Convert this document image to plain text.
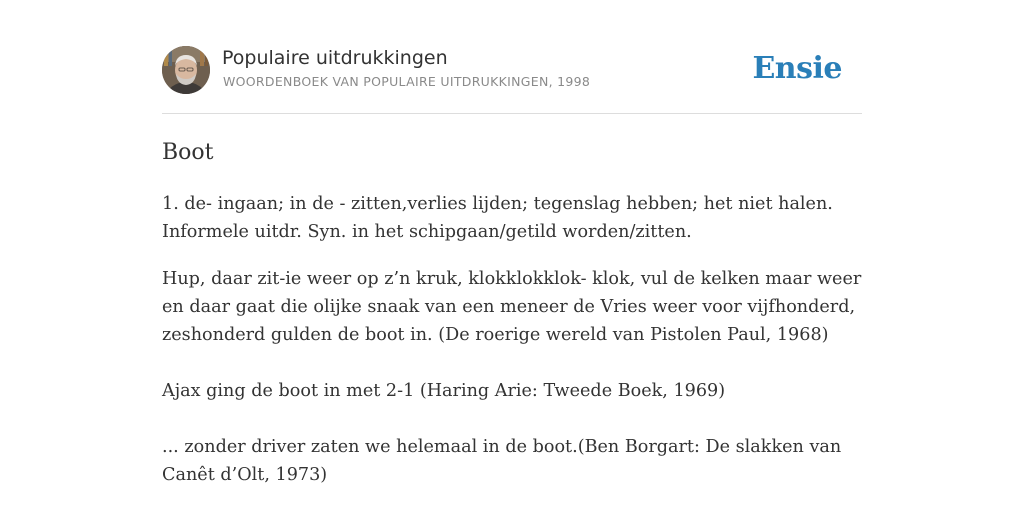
Populaire uitdrukkingen
WOORDENBOEK VAN POPULAIRE UITDRUKKINGEN, 1998	Ensie
Boot
1. de- ingaan; in de - zitten,verlies lijden; tegenslag hebben; het niet halen. Informele uitdr. Syn. in het schipgaan/getild worden/zitten.
Hup, daar zit-ie weer op z’n kruk, klokklokklok- klok, vul de kelken maar weer en daar gaat die olijke snaak van een meneer de Vries weer voor vijfhonderd, zeshonderd gulden de boot in. (De roerige wereld van Pistolen Paul, 1968)
Ajax ging de boot in met 2-1 (Haring Arie: Tweede Boek, 1969)
... zonder driver zaten we helemaal in de boot.(Ben Borgart: De slakken van Canêt d’Olt, 1973)
